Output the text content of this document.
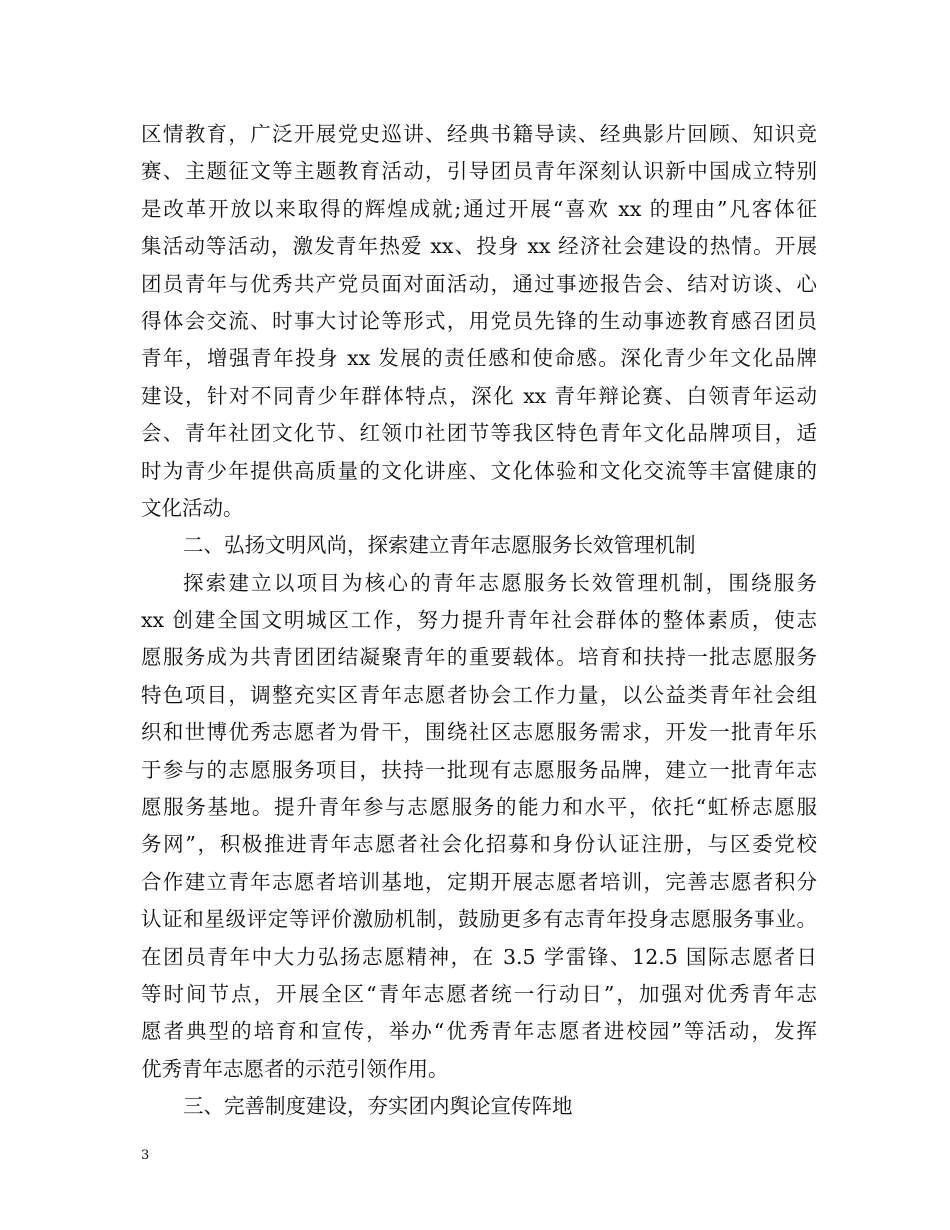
区情教育，广泛开展党史巡讲、经典书籍导读、经典影片回顾、知识竞
赛、主题征文等主题教育活动，引导团员青年深刻认识新中国成立特别
是改革开放以来取得的辉煌成就;通过开展“喜欢 xx 的理由”凡客体征
集活动等活动，激发青年热爱 xx、投身 xx 经济社会建设的热情。开展
团员青年与优秀共产党员面对面活动，通过事迹报告会、结对访谈、心
得体会交流、时事大讨论等形式，用党员先锋的生动事迹教育感召团员
青年，增强青年投身 xx 发展的责任感和使命感。深化青少年文化品牌
建设，针对不同青少年群体特点，深化 xx 青年辩论赛、白领青年运动
会、青年社团文化节、红领巾社团节等我区特色青年文化品牌项目，适
时为青少年提供高质量的文化讲座、文化体验和文化交流等丰富健康的
文化活动。
二、弘扬文明风尚，探索建立青年志愿服务长效管理机制
探索建立以项目为核心的青年志愿服务长效管理机制，围绕服务
xx 创建全国文明城区工作，努力提升青年社会群体的整体素质，使志
愿服务成为共青团团结凝聚青年的重要载体。培育和扶持一批志愿服务
特色项目，调整充实区青年志愿者协会工作力量，以公益类青年社会组
织和世博优秀志愿者为骨干，围绕社区志愿服务需求，开发一批青年乐
于参与的志愿服务项目，扶持一批现有志愿服务品牌，建立一批青年志
愿服务基地。提升青年参与志愿服务的能力和水平，依托“虹桥志愿服
务网”，积极推进青年志愿者社会化招募和身份认证注册，与区委党校
合作建立青年志愿者培训基地，定期开展志愿者培训，完善志愿者积分
认证和星级评定等评价激励机制，鼓励更多有志青年投身志愿服务事业。
在团员青年中大力弘扬志愿精神，在 3.5 学雷锋、12.5 国际志愿者日
等时间节点，开展全区“青年志愿者统一行动日”，加强对优秀青年志
愿者典型的培育和宣传，举办“优秀青年志愿者进校园”等活动，发挥
优秀青年志愿者的示范引领作用。
三、完善制度建设，夯实团内舆论宣传阵地
3
